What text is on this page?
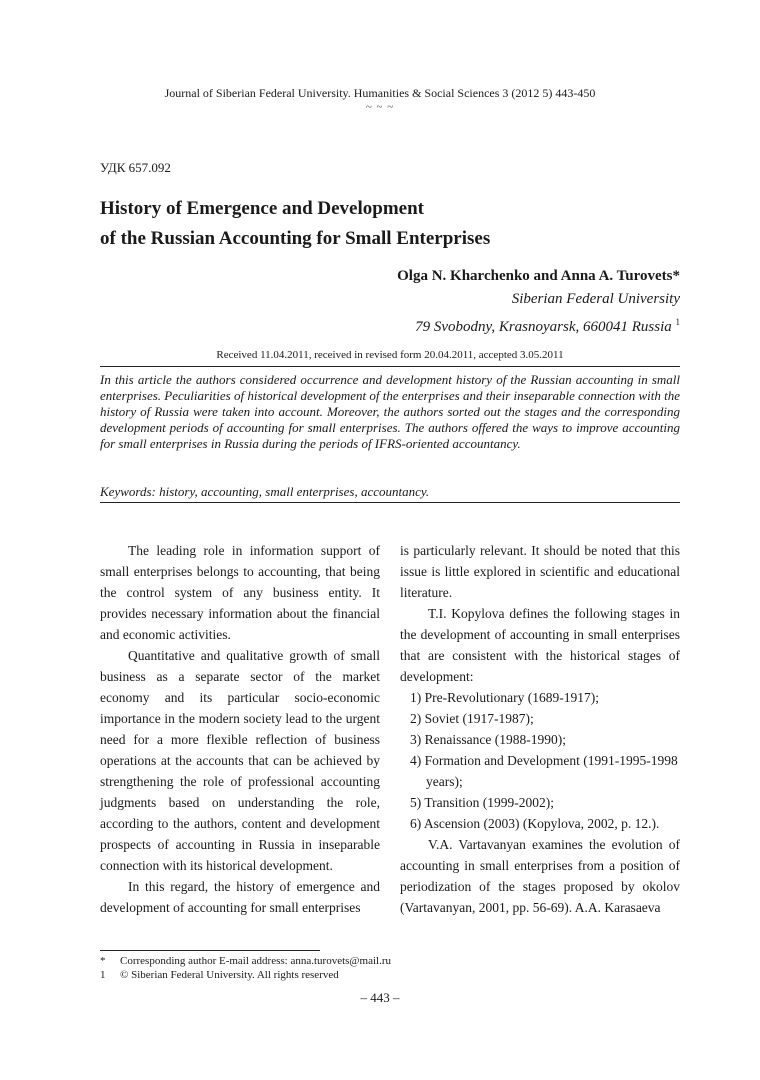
Journal of Siberian Federal University. Humanities & Social Sciences 3 (2012 5) 443-450
~ ~ ~
УДК 657.092
History of Emergence and Development
of the Russian Accounting for Small Enterprises
Olga N. Kharchenko and Anna A. Turovets*
Siberian Federal University
79 Svobodny, Krasnoyarsk, 660041 Russia $^1$
Received 11.04.2011, received in revised form 20.04.2011, accepted 3.05.2011
In this article the authors considered occurrence and development history of the Russian accounting in small enterprises. Peculiarities of historical development of the enterprises and their inseparable connection with the history of Russia were taken into account. Moreover, the authors sorted out the stages and the corresponding development periods of accounting for small enterprises. The authors offered the ways to improve accounting for small enterprises in Russia during the periods of IFRS-oriented accountancy.
Keywords: history, accounting, small enterprises, accountancy.

The leading role in information support of small enterprises belongs to accounting, that being the control system of any business entity. It provides necessary information about the financial and economic activities.

Quantitative and qualitative growth of small business as a separate sector of the market economy and its particular socio-economic importance in the modern society lead to the urgent need for a more flexible reflection of business operations at the accounts that can be achieved by strengthening the role of professional accounting judgments based on understanding the role, according to the authors, content and development prospects of accounting in Russia in inseparable connection with its historical development.

In this regard, the history of emergence and development of accounting for small enterprises

is particularly relevant. It should be noted that this issue is little explored in scientific and educational literature.

T.I. Kopylova defines the following stages in the development of accounting in small enterprises that are consistent with the historical stages of development:

1) Pre-Revolutionary (1689-1917);
2) Soviet (1917-1987);
3) Renaissance (1988-1990);
4) Formation and Development (1991-1995-1998 years);
5) Transition (1999-2002);
6) Ascension (2003) (Kopylova, 2002, p. 12.).

V.A. Vartavanyan examines the evolution of accounting in small enterprises from a position of periodization of the stages proposed by okolov (Vartavanyan, 2001, pp. 56-69). A.A. Karasaeva

* Corresponding author E-mail address: anna.turovets@mail.ru
1 © Siberian Federal University. All rights reserved
– 443 –
